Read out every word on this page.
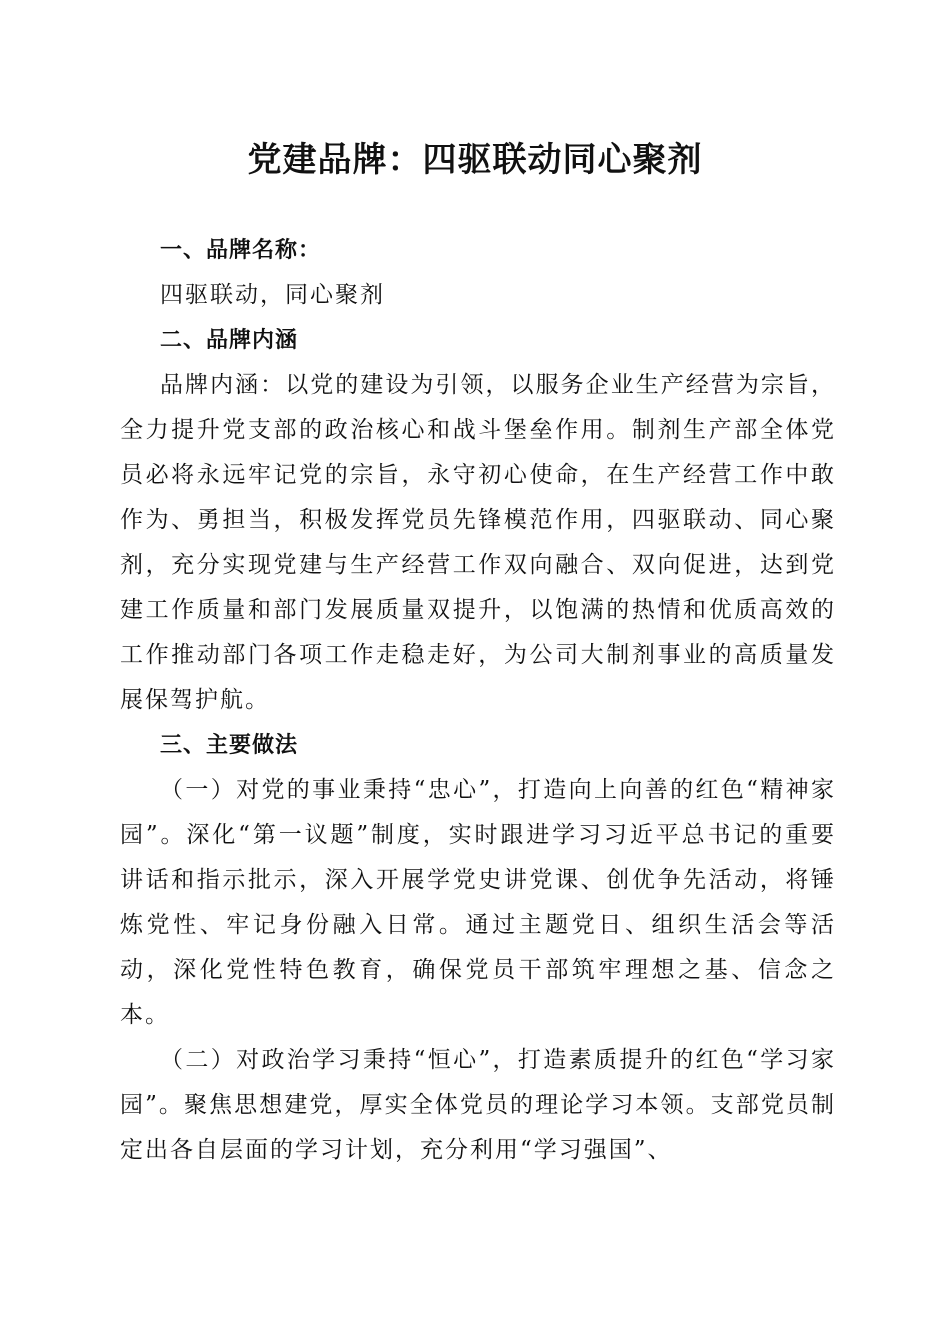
党建品牌：四驱联动同心聚剂

一、品牌名称：

四驱联动，同心聚剂

二、品牌内涵

品牌内涵：以党的建设为引领，以服务企业生产经营为宗旨，全力提升党支部的政治核心和战斗堡垒作用。制剂生产部全体党员必将永远牢记党的宗旨，永守初心使命，在生产经营工作中敢作为、勇担当，积极发挥党员先锋模范作用，四驱联动、同心聚剂，充分实现党建与生产经营工作双向融合、双向促进，达到党建工作质量和部门发展质量双提升，以饱满的热情和优质高效的工作推动部门各项工作走稳走好，为公司大制剂事业的高质量发展保驾护航。

三、主要做法

（一）对党的事业秉持“忠心”，打造向上向善的红色“精神家园”。深化“第一议题”制度，实时跟进学习习近平总书记的重要讲话和指示批示，深入开展学党史讲党课、创优争先活动，将锤炼党性、牢记身份融入日常。通过主题党日、组织生活会等活动，深化党性特色教育，确保党员干部筑牢理想之基、信念之本。

（二）对政治学习秉持“恒心”，打造素质提升的红色“学习家园”。聚焦思想建党，厚实全体党员的理论学习本领。支部党员制定出各自层面的学习计划，充分利用“学习强国”、
